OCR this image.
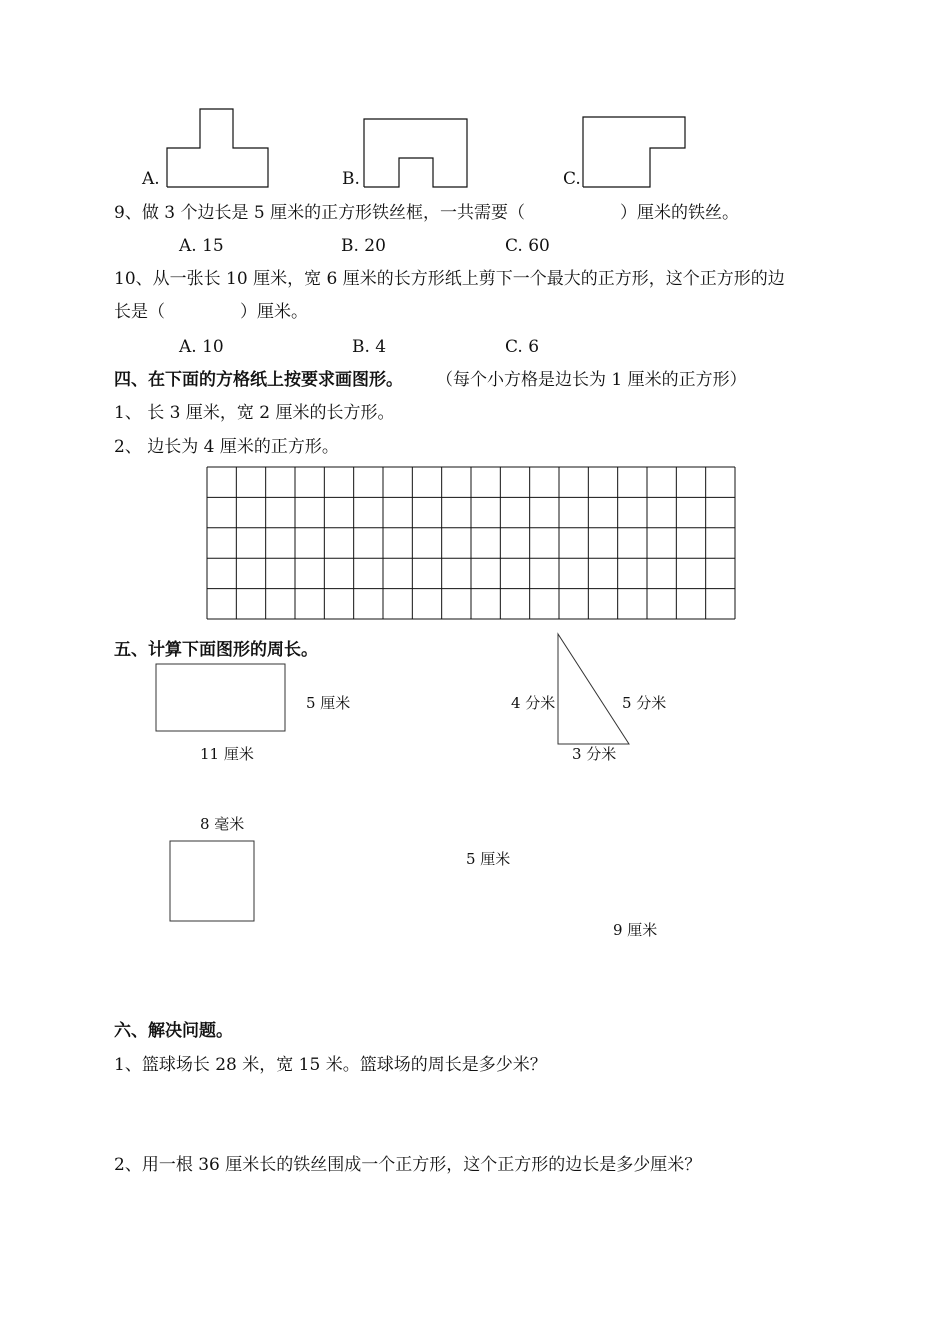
A.	B.	C.
9、做 3 个边长是 5 厘米的正方形铁丝框，一共需要（	）厘米的铁丝。
A. 15	B. 20	C. 60
10、从一张长 10 厘米，宽 6 厘米的长方形纸上剪下一个最大的正方形，这个正方形的边
长是（	）厘米。
A. 10	B. 4	C. 6
四、在下面的方格纸上按要求画图形。 （每个小方格是边长为 1 厘米的正方形）
1、 长 3 厘米，宽 2 厘米的长方形。
2、 边长为 4 厘米的正方形。
五、计算下面图形的周长。
5 厘米
11 厘米
4 分米	5 分米
3 分米
8 毫米
5 厘米
9 厘米
六、解决问题。
1、篮球场长 28 米，宽 15 米。篮球场的周长是多少米？
2、用一根 36 厘米长的铁丝围成一个正方形，这个正方形的边长是多少厘米？
